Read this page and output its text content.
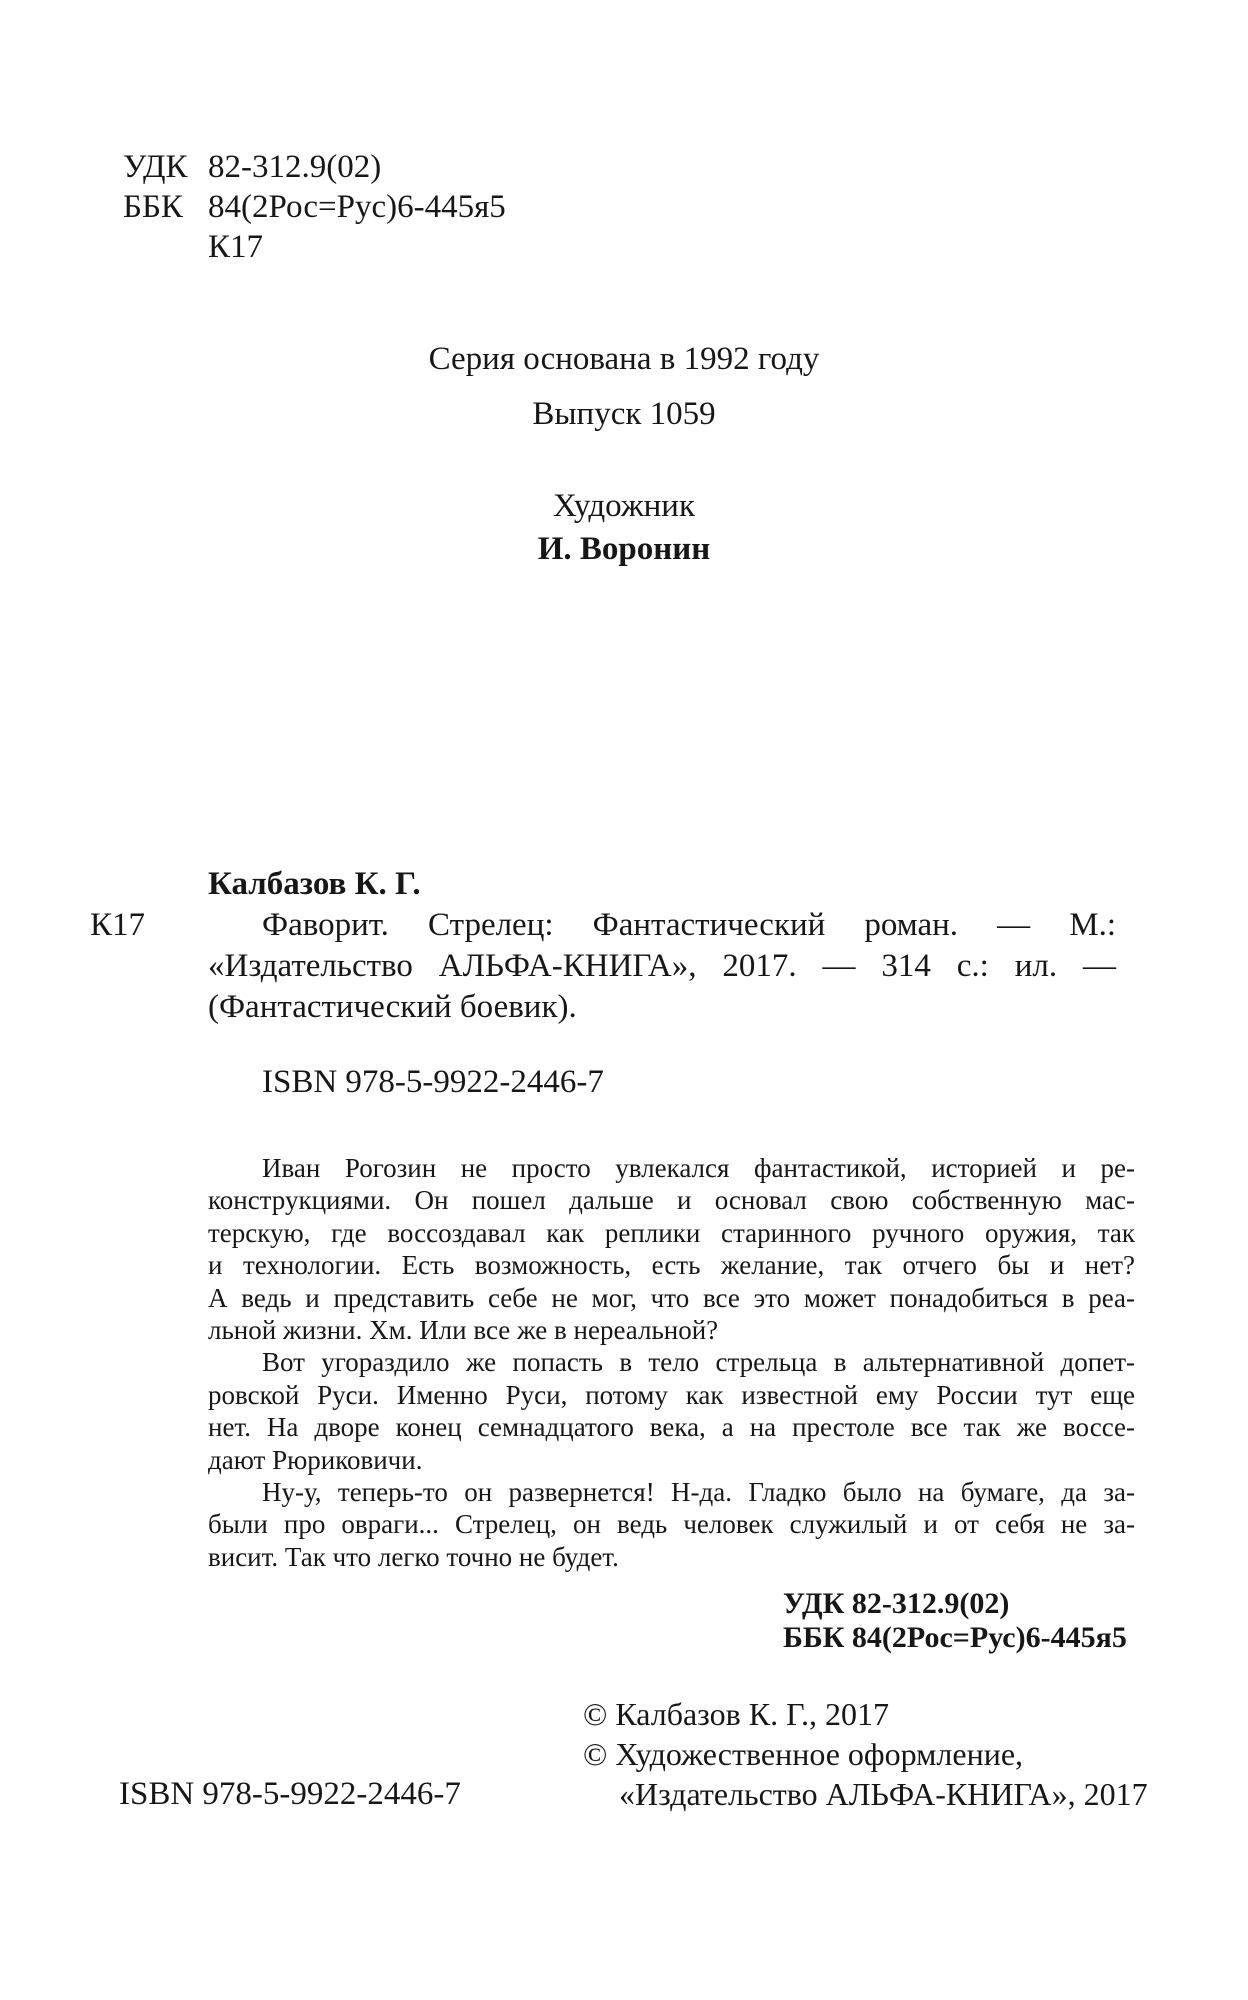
УДК 82-312.9(02)
ББК 84(2Рос=Рус)6-445я5
К17
Серия основана в 1992 году
Выпуск 1059
Художник
И. Воронин
Калбазов К. Г.
К17	Фаворит. Стрелец: Фантастический роман. — М.:
«Издательство АЛЬФА-КНИГА», 2017. — 314 с.: ил. —
(Фантастический боевик).
ISBN 978-5-9922-2446-7
Иван Рогозин не просто увлекался фантастикой, историей и ре-
конструкциями. Он пошел дальше и основал свою собственную мас-
терскую, где воссоздавал как реплики старинного ручного оружия, так
и технологии. Есть возможность, есть желание, так отчего бы и нет?
А ведь и представить себе не мог, что все это может понадобиться в реа-
льной жизни. Хм. Или все же в нереальной?
Вот угораздило же попасть в тело стрельца в альтернативной допет-
ровской Руси. Именно Руси, потому как известной ему России тут еще
нет. На дворе конец семнадцатого века, а на престоле все так же воссе-
дают Рюриковичи.
Ну-у, теперь-то он развернется! Н-да. Гладко было на бумаге, да за-
были про овраги... Стрелец, он ведь человек служилый и от себя не за-
висит. Так что легко точно не будет.
УДК 82-312.9(02)
ББК 84(2Рос=Рус)6-445я5
© Калбазов К. Г., 2017
© Художественное оформление,
«Издательство АЛЬФА-КНИГА», 2017
ISBN 978-5-9922-2446-7
